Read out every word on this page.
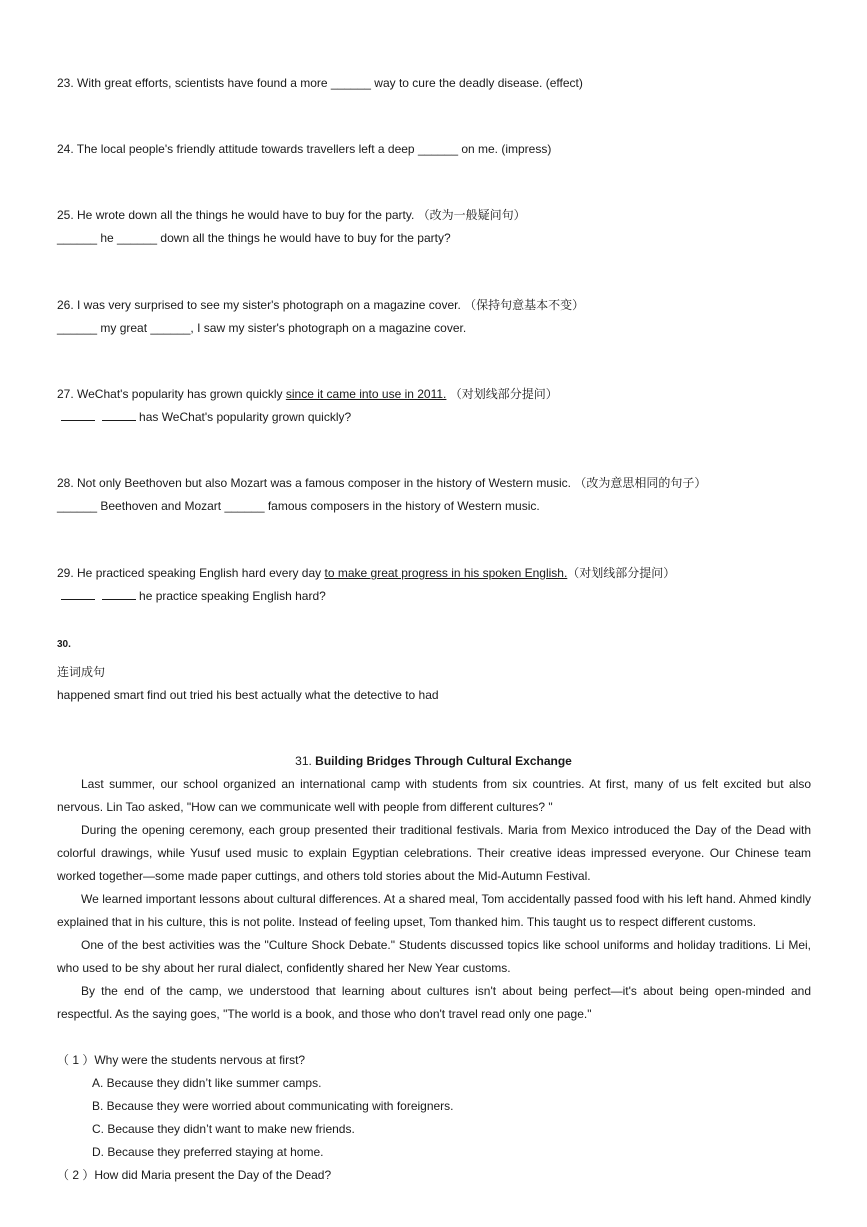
23. With great efforts, scientists have found a more ______ way to cure the deadly disease. (effect)
24. The local people's friendly attitude towards travellers left a deep ______ on me. (impress)
25. He wrote down all the things he would have to buy for the party. （改为一般疑问句）
______ he ______ down all the things he would have to buy for the party?
26. I was very surprised to see my sister's photograph on a magazine cover. （保持句意基本不变）
______ my great ______, I saw my sister's photograph on a magazine cover.
27. WeChat's popularity has grown quickly since it came into use in 2011. （对划线部分提问）
has WeChat's popularity grown quickly?
28. Not only Beethoven but also Mozart was a famous composer in the history of Western music. （改为意思相同的句子）
______ Beethoven and Mozart ______ famous composers in the history of Western music.
29. He practiced speaking English hard every day to make great progress in his spoken English.（对划线部分提问）
he practice speaking English hard?
30.
连词成句
happened smart find out tried his best actually what the detective to had
31. Building Bridges Through Cultural Exchange

Last summer, our school organized an international camp with students from six countries. At first, many of us felt excited but also nervous. Lin Tao asked, "How can we communicate well with people from different cultures? "

During the opening ceremony, each group presented their traditional festivals. Maria from Mexico introduced the Day of the Dead with colorful drawings, while Yusuf used music to explain Egyptian celebrations. Their creative ideas impressed everyone. Our Chinese team worked together—some made paper cuttings, and others told stories about the Mid-Autumn Festival.

We learned important lessons about cultural differences. At a shared meal, Tom accidentally passed food with his left hand. Ahmed kindly explained that in his culture, this is not polite. Instead of feeling upset, Tom thanked him. This taught us to respect different customs.

One of the best activities was the "Culture Shock Debate." Students discussed topics like school uniforms and holiday traditions. Li Mei, who used to be shy about her rural dialect, confidently shared her New Year customs.

By the end of the camp, we understood that learning about cultures isn't about being perfect—it's about being open-minded and respectful. As the saying goes, "The world is a book, and those who don't travel read only one page."

（ 1 ）Why were the students nervous at first?
A. Because they didn’t like summer camps.
B. Because they were worried about communicating with foreigners.
C. Because they didn’t want to make new friends.
D. Because they preferred staying at home.
（ 2 ）How did Maria present the Day of the Dead?
